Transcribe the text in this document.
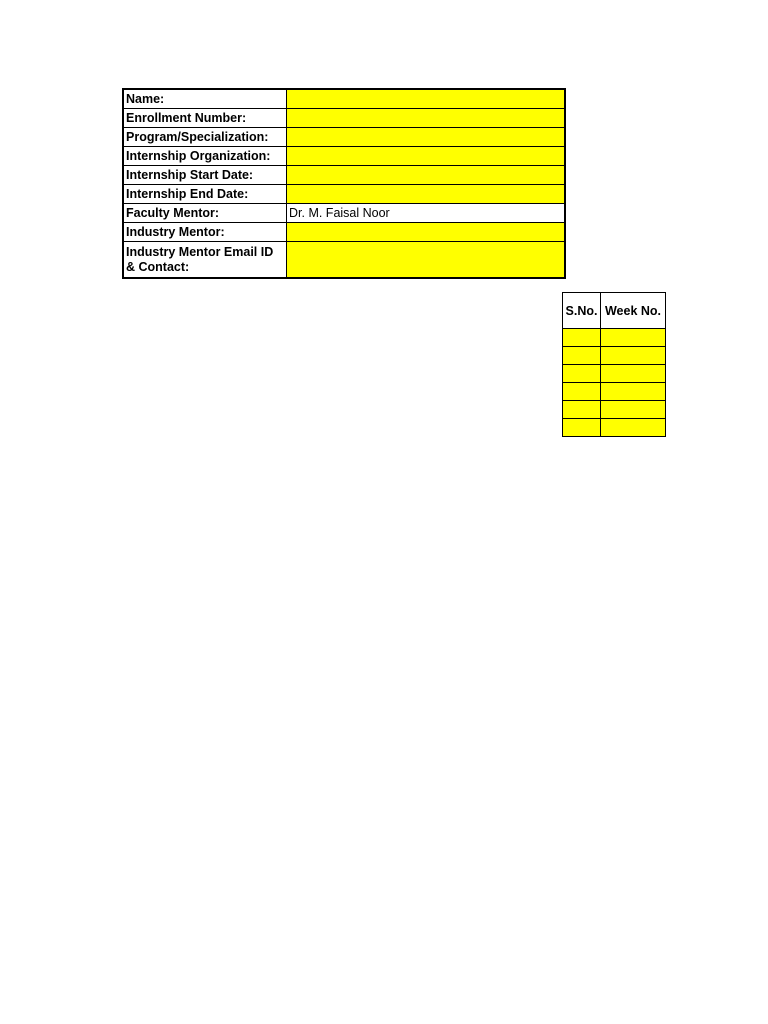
Name:	
Enrollment Number:	
Program/Specialization:	
Internship Organization:	
Internship Start Date:	
Internship End Date:	
Faculty Mentor:	Dr. M. Faisal Noor
Industry Mentor:	
Industry Mentor Email ID & Contact:	
S.No.	Week No.
